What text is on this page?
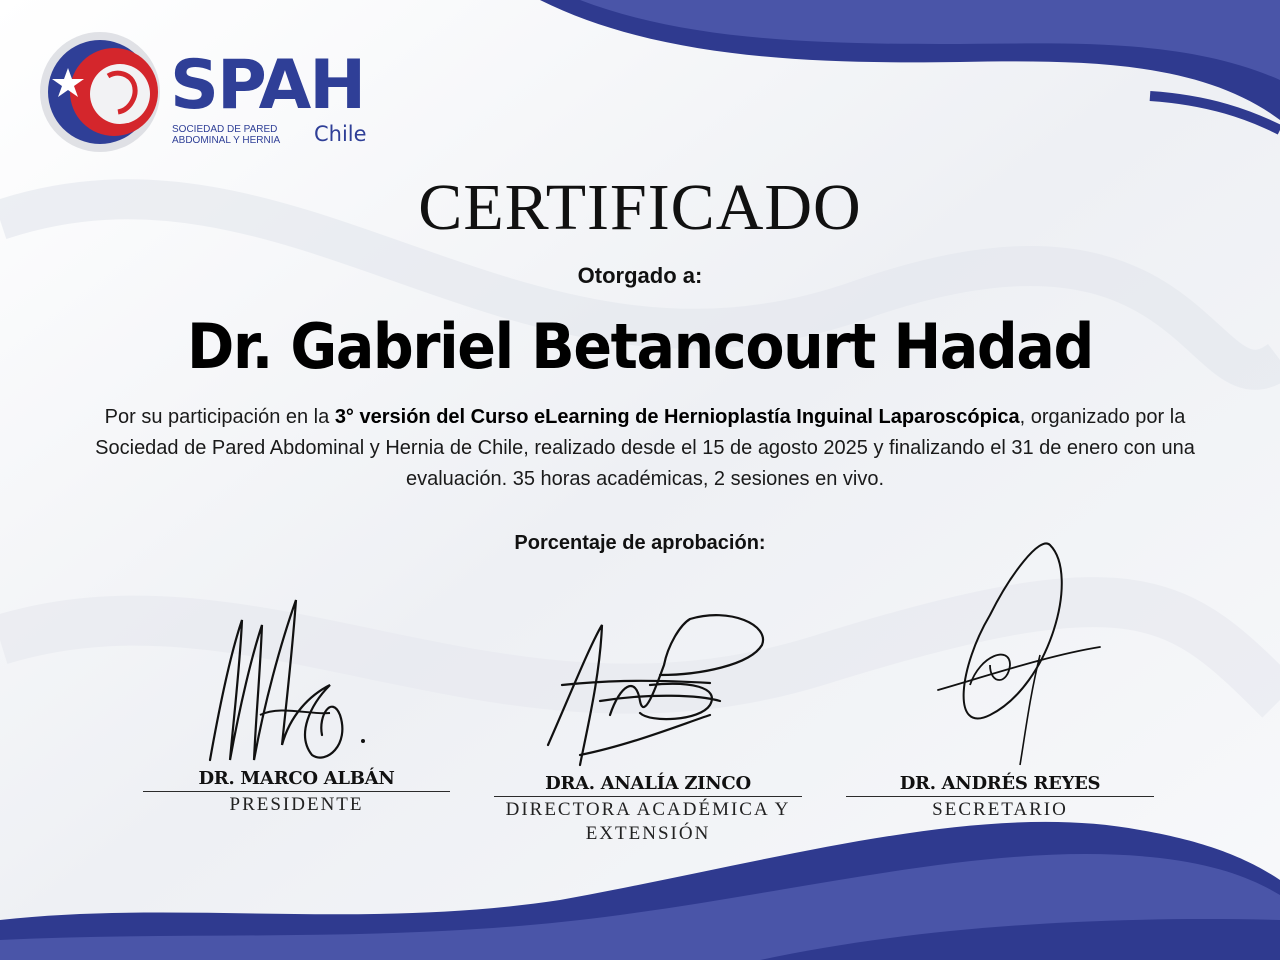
SPAH
SOCIEDAD DE PARED
ABDOMINAL Y HERNIA Chile
CERTIFICADO
Otorgado a:
Dr. Gabriel Betancourt Hadad
Por su participación en la 3° versión del Curso eLearning de Hernioplastía Inguinal Laparoscópica, organizado por la Sociedad de Pared Abdominal y Hernia de Chile, realizado desde el 15 de agosto 2025 y finalizando el 31 de enero con una evaluación. 35 horas académicas, 2 sesiones en vivo.
Porcentaje de aprobación:
DR. MARCO ALBÁN
PRESIDENTE
DRA. ANALÍA ZINCO
DIRECTORA ACADÉMICA Y EXTENSIÓN
DR. ANDRÉS REYES
SECRETARIO
